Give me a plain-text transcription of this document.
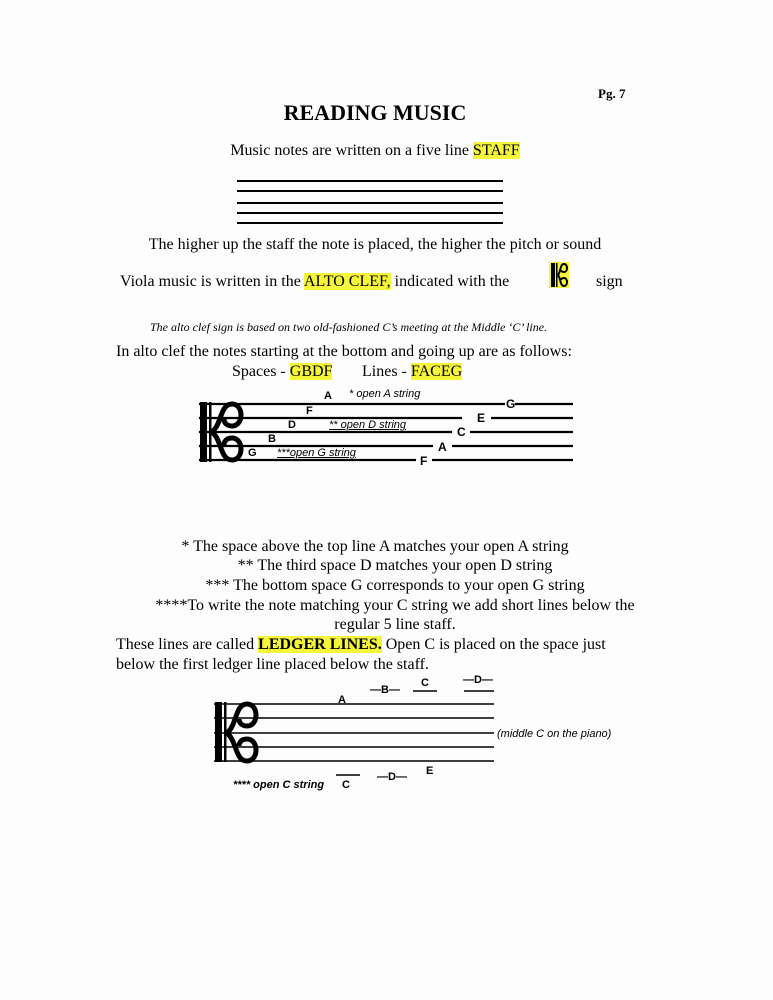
Pg. 7
READING MUSIC
Music notes are written on a five line STAFF
The higher up the staff the note is placed, the higher the pitch or sound
Viola music is written in the ALTO CLEF, indicated with the	sign
The alto clef sign is based on two old-fashioned C’s meeting at the Middle ‘C’ line.
In alto clef the notes starting at the bottom and going up are as follows:
Spaces - GBDF Lines - FACEG
A * open A string
F
D	** open D string
B
G ***open G string
G
E
C
A
F
* The space above the top line A matches your open A string
** The third space D matches your open D string
*** The bottom space G corresponds to your open G string
****To write the note matching your C string we add short lines below the
regular 5 line staff.
These lines are called LEDGER LINES. Open C is placed on the space just
below the first ledger line placed below the staff.
A
—B—
C	—D—
(middle C on the piano)
**** open C string C
—D— E
